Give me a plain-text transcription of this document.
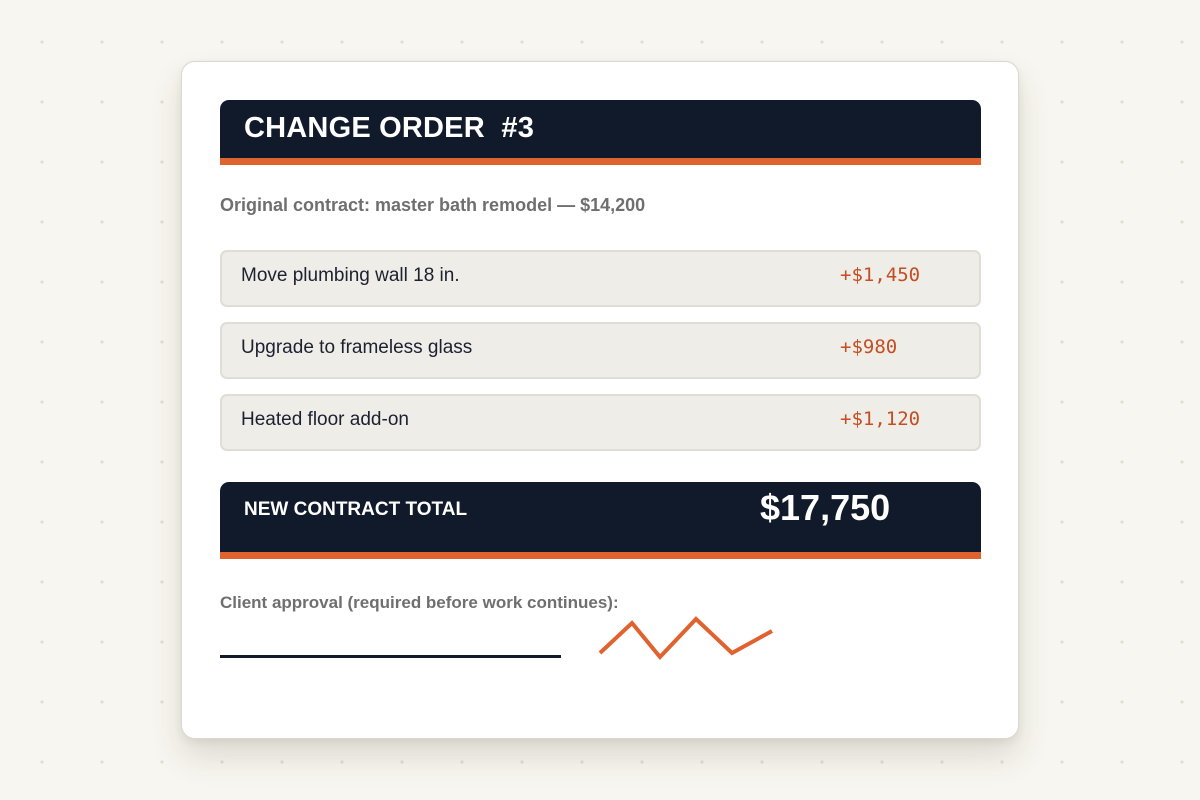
CHANGE ORDER  #3
Original contract: master bath remodel — $14,200
Move plumbing wall 18 in.	+$1,450
Upgrade to frameless glass	+$980
Heated floor add-on	+$1,120
NEW CONTRACT TOTAL	$17,750
Client approval (required before work continues):
